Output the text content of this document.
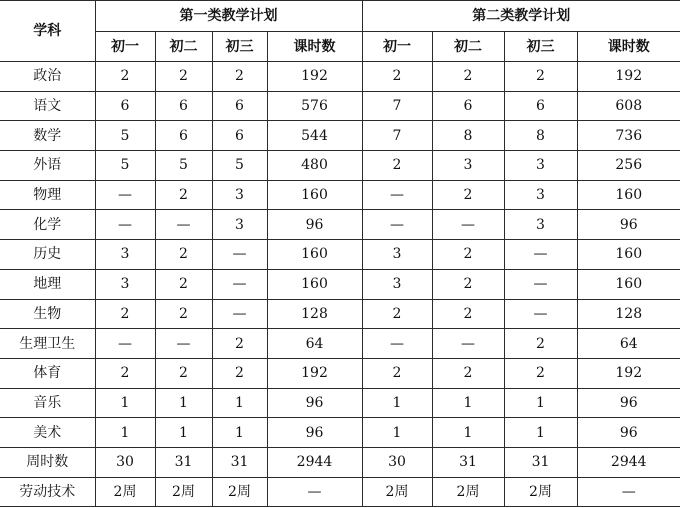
学科	第一类教学计划				第二类教学计划			
	初一	初二	初三	课时数	初一	初二	初三	课时数
政治	2	2	2	192	2	2	2	192
语文	6	6	6	576	7	6	6	608
数学	5	6	6	544	7	8	8	736
外语	5	5	5	480	2	3	3	256
物理	—	2	3	160	—	2	3	160
化学	—	—	3	96	—	—	3	96
历史	3	2	—	160	3	2	—	160
地理	3	2	—	160	3	2	—	160
生物	2	2	—	128	2	2	—	128
生理卫生	—	—	2	64	—	—	2	64
体育	2	2	2	192	2	2	2	192
音乐	1	1	1	96	1	1	1	96
美术	1	1	1	96	1	1	1	96
周时数	30	31	31	2944	30	31	31	2944
劳动技术	2周	2周	2周	—	2周	2周	2周	—
